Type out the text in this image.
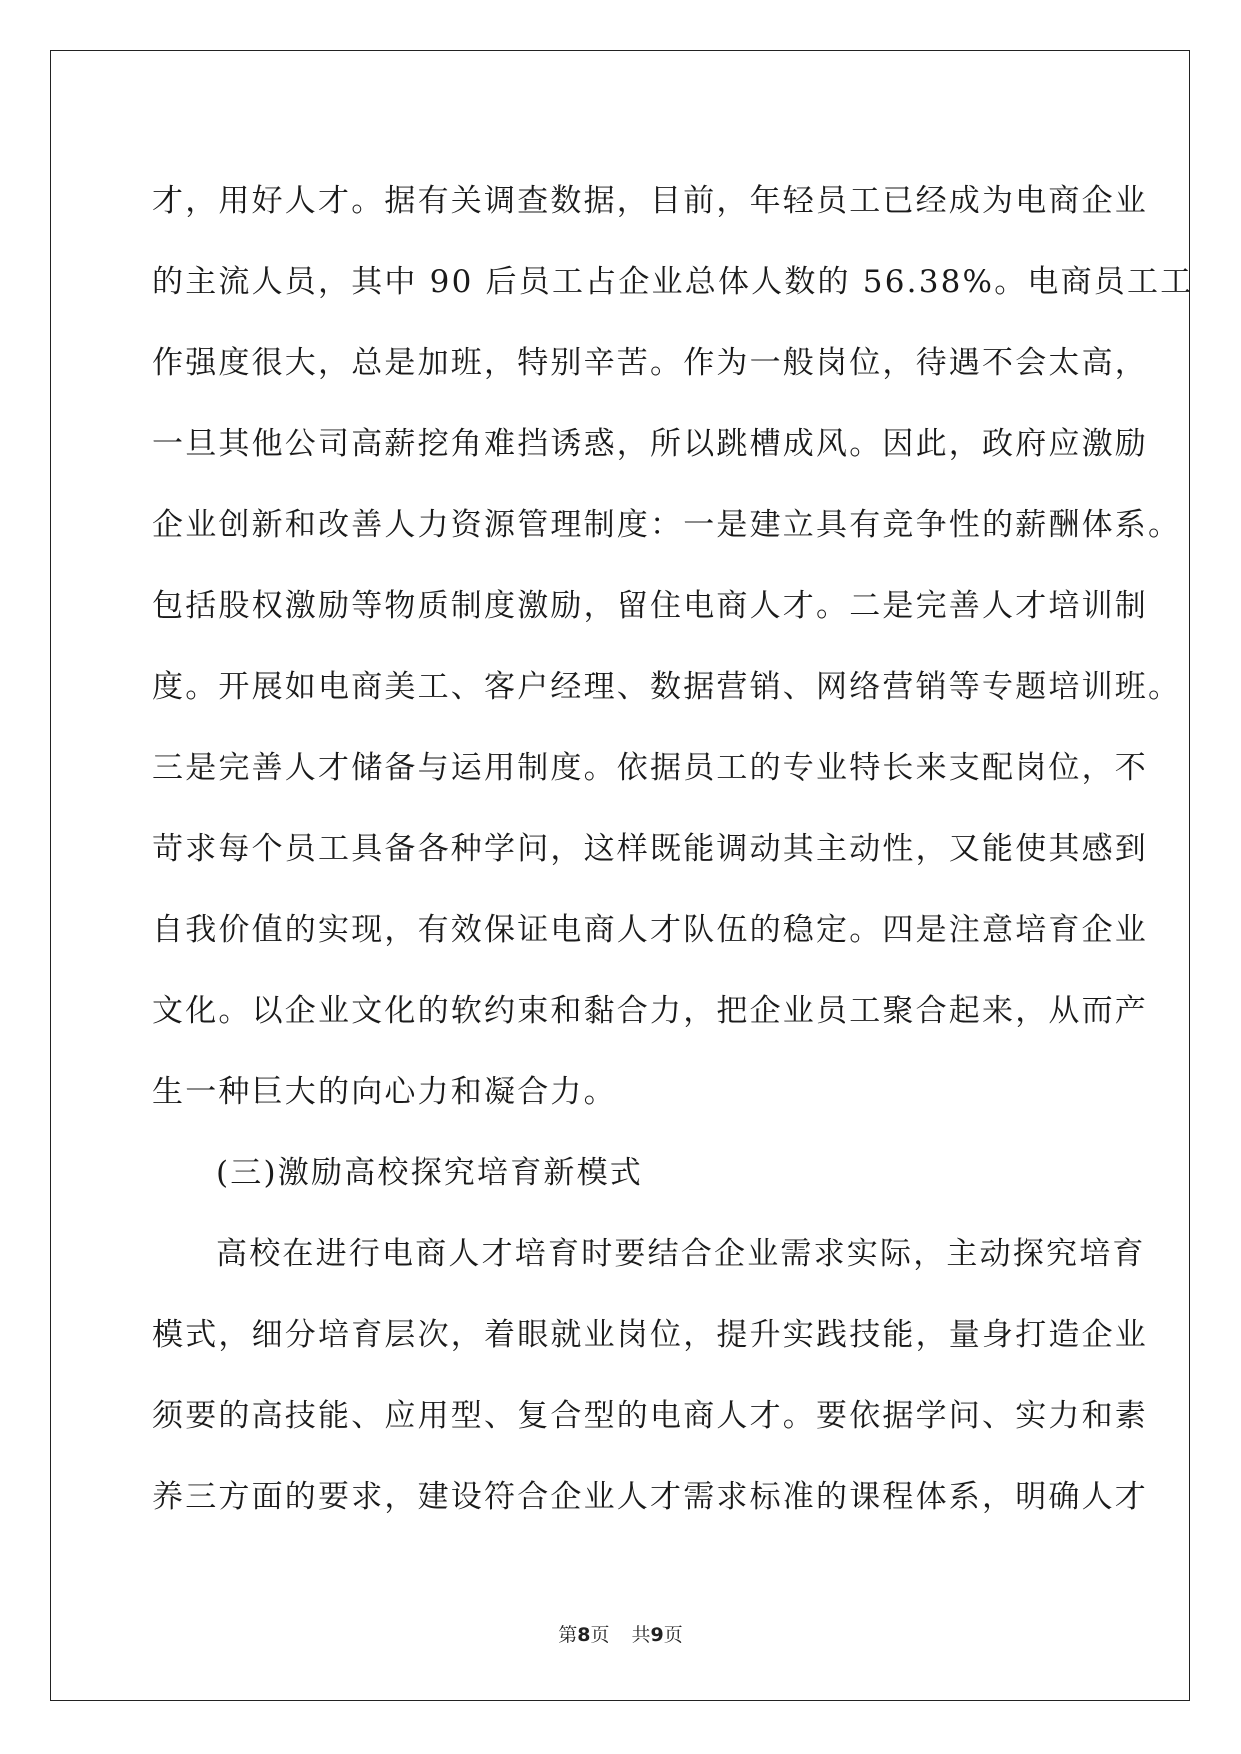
才，用好人才。据有关调查数据，目前，年轻员工已经成为电商企业
的主流人员，其中 90 后员工占企业总体人数的 56.38%。电商员工工
作强度很大，总是加班，特别辛苦。作为一般岗位，待遇不会太高，
一旦其他公司高薪挖角难挡诱惑，所以跳槽成风。因此，政府应激励
企业创新和改善人力资源管理制度：一是建立具有竞争性的薪酬体系。
包括股权激励等物质制度激励，留住电商人才。二是完善人才培训制
度。开展如电商美工、客户经理、数据营销、网络营销等专题培训班。
三是完善人才储备与运用制度。依据员工的专业特长来支配岗位，不
苛求每个员工具备各种学问，这样既能调动其主动性，又能使其感到
自我价值的实现，有效保证电商人才队伍的稳定。四是注意培育企业
文化。以企业文化的软约束和黏合力，把企业员工聚合起来，从而产
生一种巨大的向心力和凝合力。
(三)激励高校探究培育新模式
高校在进行电商人才培育时要结合企业需求实际，主动探究培育
模式，细分培育层次，着眼就业岗位，提升实践技能，量身打造企业
须要的高技能、应用型、复合型的电商人才。要依据学问、实力和素
养三方面的要求，建设符合企业人才需求标准的课程体系，明确人才
第8页 共9页
